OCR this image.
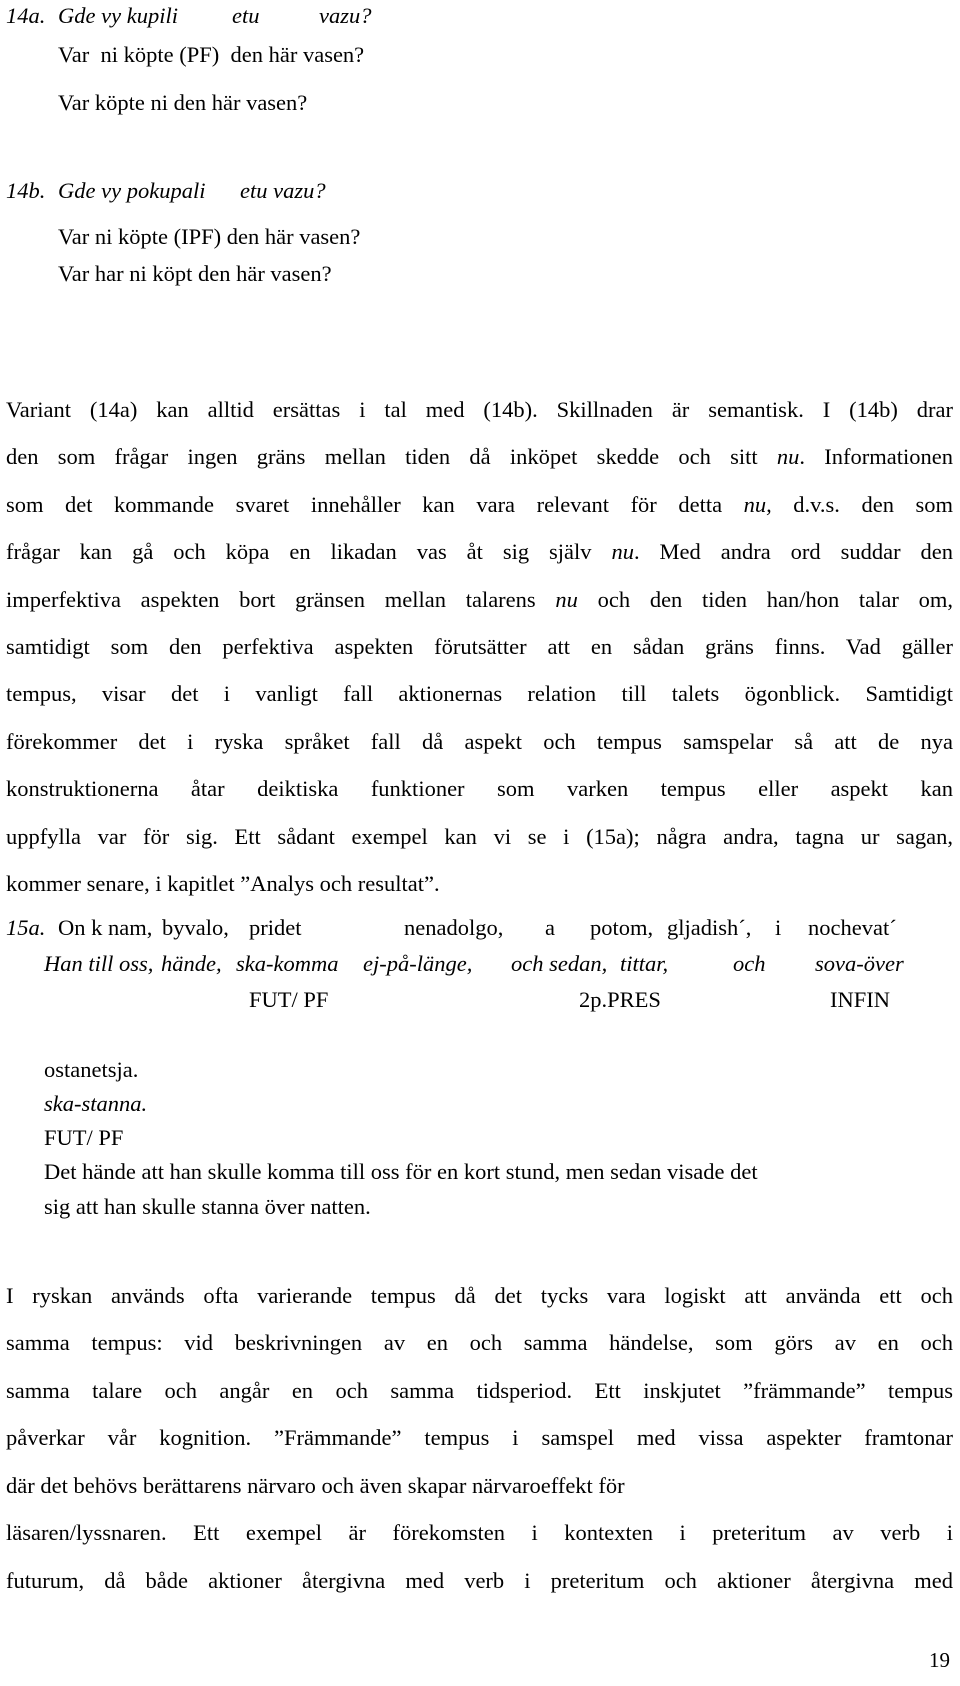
14a. Gde vy kupili etu	vazu?
Var  ni köpte (PF)  den här vasen?
Var köpte ni den här vasen?
14b. Gde vy pokupali etu vazu?
Var ni köpte (IPF) den här vasen?
Var har ni köpt den här vasen?
Variant (14a) kan alltid ersättas i tal med (14b). Skillnaden är semantisk. I (14b) drar
den som frågar ingen gräns mellan tiden då inköpet skedde och sitt nu. Informationen
som det kommande svaret innehåller kan vara relevant för detta nu, d.v.s. den som
frågar kan gå och köpa en likadan vas åt sig själv nu. Med andra ord suddar den
imperfektiva aspekten bort gränsen mellan talarens nu och den tiden han/hon talar om,
samtidigt som den perfektiva aspekten förutsätter att en sådan gräns finns. Vad gäller
tempus, visar det i vanligt fall aktionernas relation till talets ögonblick. Samtidigt
förekommer det i ryska språket fall då aspekt och tempus samspelar så att de nya
konstruktionerna åtar deiktiska funktioner som varken tempus eller aspekt kan
uppfylla var för sig. Ett sådant exempel kan vi se i (15a); några andra, tagna ur sagan,
kommer senare, i kapitlet ”Analys och resultat”.
15a. On k nam, byvalo, pridet	nenadolgo, a potom, gljadish´, i nochevat´
Han till oss, hände, ska-komma ej-på-länge, och sedan, tittar,	och sova-över
FUT/ PF	2p.PRES	INFIN
ostanetsja.
ska-stanna.
FUT/ PF
Det hände att han skulle komma till oss för en kort stund, men sedan visade det
sig att han skulle stanna över natten.
I ryskan används ofta varierande tempus då det tycks vara logiskt att använda ett och
samma tempus: vid beskrivningen av en och samma händelse, som görs av en och
samma talare och angår en och samma tidsperiod. Ett inskjutet ”främmande” tempus
påverkar vår kognition. ”Främmande” tempus i samspel med vissa aspekter framtonar
där det behövs berättarens närvaro och även skapar närvaroeffekt för
läsaren/lyssnaren. Ett exempel är förekomsten i kontexten i preteritum av verb i
futurum, då både aktioner återgivna med verb i preteritum och aktioner återgivna med
19
